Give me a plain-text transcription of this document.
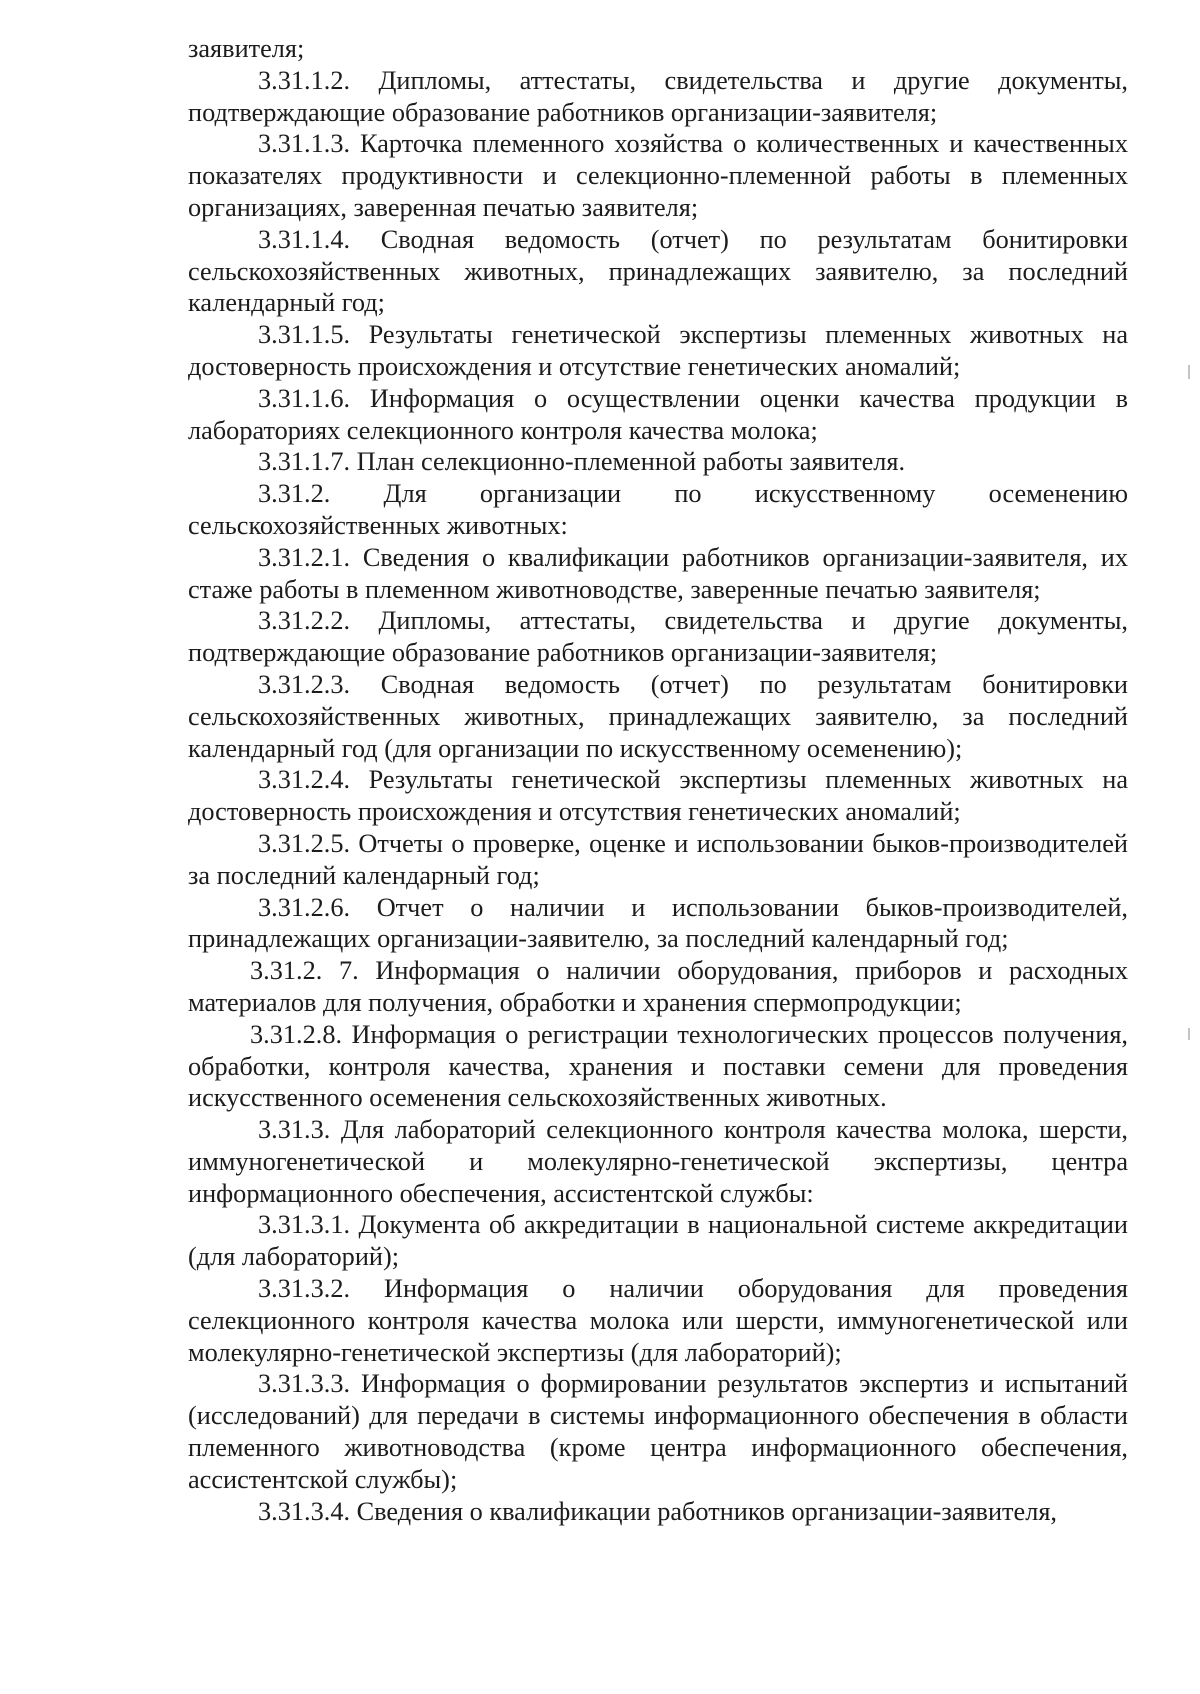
заявителя;

3.31.1.2. Дипломы, аттестаты, свидетельства и другие документы, подтверждающие образование работников организации-заявителя;

3.31.1.3. Карточка племенного хозяйства о количественных и качественных показателях продуктивности и селекционно-племенной работы в племенных организациях, заверенная печатью заявителя;

3.31.1.4. Сводная ведомость (отчет) по результатам бонитировки сельскохозяйственных животных, принадлежащих заявителю, за последний календарный год;

3.31.1.5. Результаты генетической экспертизы племенных животных на достоверность происхождения и отсутствие генетических аномалий;

3.31.1.6. Информация о осуществлении оценки качества продукции в лабораториях селекционного контроля качества молока;

3.31.1.7. План селекционно-племенной работы заявителя.

3.31.2. Для организации по искусственному осеменению сельскохозяйственных животных:

3.31.2.1. Сведения о квалификации работников организации-заявителя, их стаже работы в племенном животноводстве, заверенные печатью заявителя;

3.31.2.2. Дипломы, аттестаты, свидетельства и другие документы, подтверждающие образование работников организации-заявителя;

3.31.2.3. Сводная ведомость (отчет) по результатам бонитировки сельскохозяйственных животных, принадлежащих заявителю, за последний календарный год (для организации по искусственному осеменению);

3.31.2.4. Результаты генетической экспертизы племенных животных на достоверность происхождения и отсутствия генетических аномалий;

3.31.2.5. Отчеты о проверке, оценке и использовании быков-производителей за последний календарный год;

3.31.2.6. Отчет о наличии и использовании быков-производителей, принадлежащих организации-заявителю, за последний календарный год;

3.31.2. 7. Информация о наличии оборудования, приборов и расходных материалов для получения, обработки и хранения спермопродукции;

3.31.2.8. Информация о регистрации технологических процессов получения, обработки, контроля качества, хранения и поставки семени для проведения искусственного осеменения сельскохозяйственных животных.

3.31.3. Для лабораторий селекционного контроля качества молока, шерсти, иммуногенетической и молекулярно-генетической экспертизы, центра информационного обеспечения, ассистентской службы:

3.31.3.1. Документа об аккредитации в национальной системе аккредитации (для лабораторий);

3.31.3.2. Информация о наличии оборудования для проведения селекционного контроля качества молока или шерсти, иммуногенетической или молекулярно-генетической экспертизы (для лабораторий);

3.31.3.3. Информация о формировании результатов экспертиз и испытаний (исследований) для передачи в системы информационного обеспечения в области племенного животноводства (кроме центра информационного обеспечения, ассистентской службы);

3.31.3.4. Сведения о квалификации работников организации-заявителя,
